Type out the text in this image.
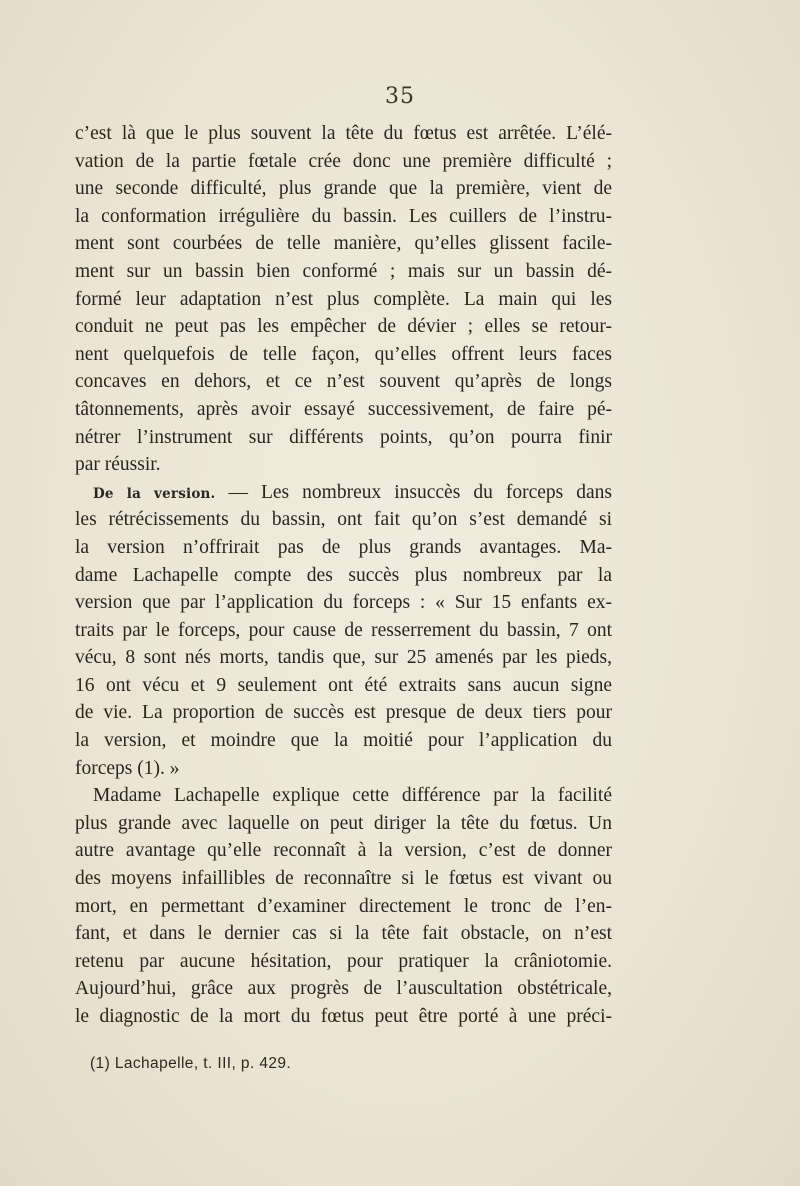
35
c’est là que le plus souvent la tête du fœtus est arrêtée. L’élé-
vation de la partie fœtale crée donc une première difficulté ;
une seconde difficulté, plus grande que la première, vient de
la conformation irrégulière du bassin. Les cuillers de l’instru-
ment sont courbées de telle manière, qu’elles glissent facile-
ment sur un bassin bien conformé ; mais sur un bassin dé-
formé leur adaptation n’est plus complète. La main qui les
conduit ne peut pas les empêcher de dévier ; elles se retour-
nent quelquefois de telle façon, qu’elles offrent leurs faces
concaves en dehors, et ce n’est souvent qu’après de longs
tâtonnements, après avoir essayé successivement, de faire pé-
nétrer l’instrument sur différents points, qu’on pourra finir
par réussir.
De la version. — Les nombreux insuccès du forceps dans
les rétrécissements du bassin, ont fait qu’on s’est demandé si
la version n’offrirait pas de plus grands avantages. Ma-
dame Lachapelle compte des succès plus nombreux par la
version que par l’application du forceps : « Sur 15 enfants ex-
traits par le forceps, pour cause de resserrement du bassin, 7 ont
vécu, 8 sont nés morts, tandis que, sur 25 amenés par les pieds,
16 ont vécu et 9 seulement ont été extraits sans aucun signe
de vie. La proportion de succès est presque de deux tiers pour
la version, et moindre que la moitié pour l’application du
forceps (1). »
Madame Lachapelle explique cette différence par la facilité
plus grande avec laquelle on peut diriger la tête du fœtus. Un
autre avantage qu’elle reconnaît à la version, c’est de donner
des moyens infaillibles de reconnaître si le fœtus est vivant ou
mort, en permettant d’examiner directement le tronc de l’en-
fant, et dans le dernier cas si la tête fait obstacle, on n’est
retenu par aucune hésitation, pour pratiquer la crâniotomie.
Aujourd’hui, grâce aux progrès de l’auscultation obstétricale,
le diagnostic de la mort du fœtus peut être porté à une préci-
(1) Lachapelle, t. III, p. 429.
